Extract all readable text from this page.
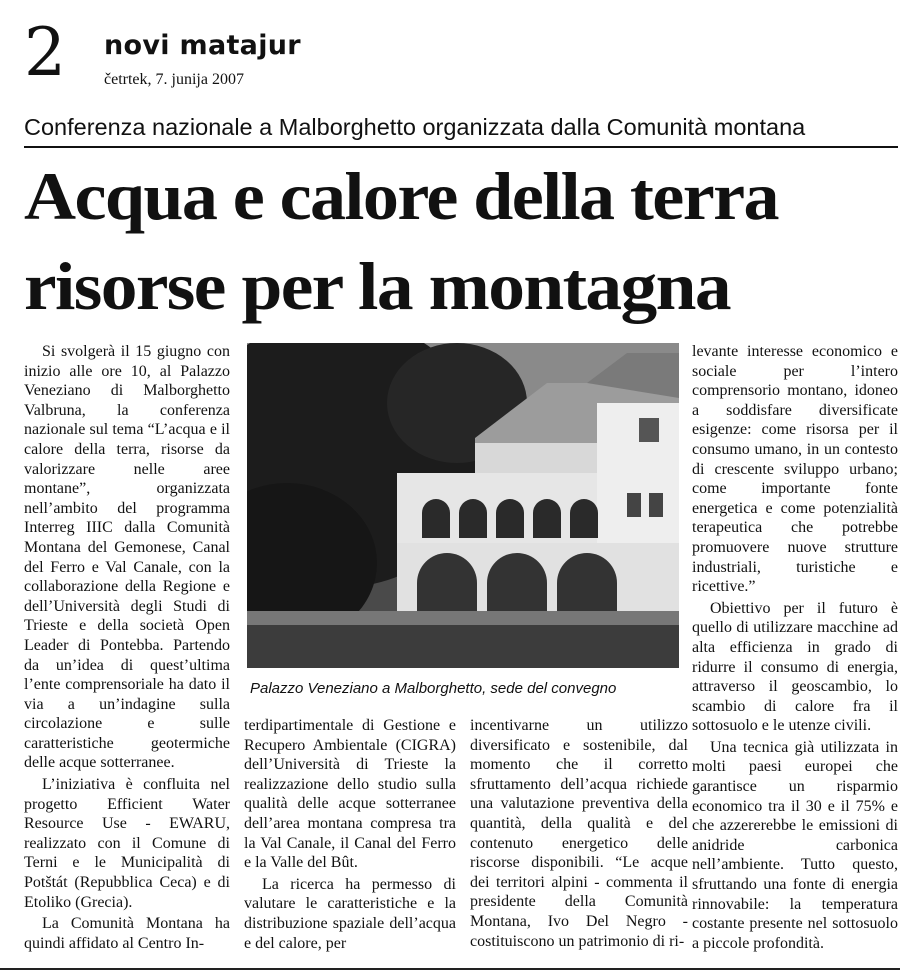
2 novi matajur
četrtek, 7. junija 2007
Conferenza nazionale a Malborghetto organizzata dalla Comunità montana
Acqua e calore della terra
risorse per la montagna

Si svolgerà il 15 giugno con inizio alle ore 10, al Palazzo Veneziano di Malborghetto Valbruna, la conferenza nazionale sul tema “L’acqua e il calore della terra, risorse da valorizzare nelle aree montane”, organizzata nell’ambito del programma Interreg IIIC dalla Comunità Montana del Gemonese, Canal del Ferro e Val Canale, con la collaborazione della Regione e dell’Università degli Studi di Trieste e della società Open Leader di Pontebba. Partendo da un’idea di quest’ultima l’ente comprensoriale ha dato il via a un’indagine sulla circolazione e sulle caratteristiche geotermiche delle acque sotterranee.

L’iniziativa è confluita nel progetto Efficient Water Resource Use - EWARU, realizzato con il Comune di Terni e le Municipalità di Potštát (Repubblica Ceca) e di Etoliko (Grecia).

La Comunità Montana ha quindi affidato al Centro In-

Palazzo Veneziano a Malborghetto, sede del convegno

terdipartimentale di Gestione e Recupero Ambientale (CIGRA) dell’Università di Trieste la realizzazione dello studio sulla qualità delle acque sotterranee dell’area montana compresa tra la Val Canale, il Canal del Ferro e la Valle del Bût.

La ricerca ha permesso di valutare le caratteristiche e la distribuzione spaziale dell’acqua e del calore, per

incentivarne un utilizzo diversificato e sostenibile, dal momento che il corretto sfruttamento dell’acqua richiede una valutazione preventiva della quantità, della qualità e del contenuto energetico delle riscorse disponibili. “Le acque dei territori alpini - commenta il presidente della Comunità Montana, Ivo Del Negro - costituiscono un patrimonio di ri-

levante interesse economico e sociale per l’intero comprensorio montano, idoneo a soddisfare diversificate esigenze: come risorsa per il consumo umano, in un contesto di crescente sviluppo urbano; come importante fonte energetica e come potenzialità terapeutica che potrebbe promuovere nuove strutture industriali, turistiche e ricettive.”

Obiettivo per il futuro è quello di utilizzare macchine ad alta efficienza in grado di ridurre il consumo di energia, attraverso il geoscambio, lo scambio di calore fra il sottosuolo e le utenze civili.

Una tecnica già utilizzata in molti paesi europei che garantisce un risparmio economico tra il 30 e il 75% e che azzererebbe le emissioni di anidride carbonica nell’ambiente. Tutto questo, sfruttando una fonte di energia rinnovabile: la temperatura costante presente nel sottosuolo a piccole profondità.
